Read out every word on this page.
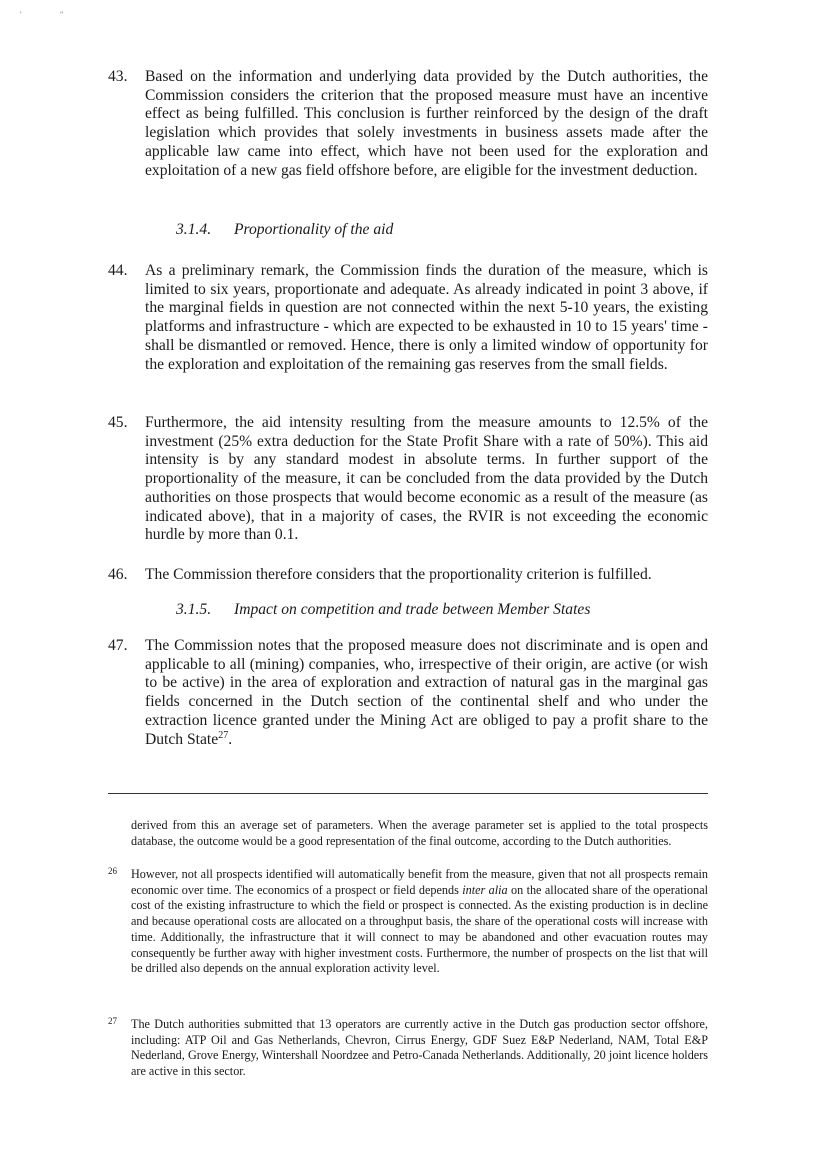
' "
43.	Based on the information and underlying data provided by the Dutch authorities, the Commission considers the criterion that the proposed measure must have an incentive effect as being fulfilled. This conclusion is further reinforced by the design of the draft legislation which provides that solely investments in business assets made after the applicable law came into effect, which have not been used for the exploration and exploitation of a new gas field offshore before, are eligible for the investment deduction.
3.1.4. Proportionality of the aid
44.	As a preliminary remark, the Commission finds the duration of the measure, which is limited to six years, proportionate and adequate. As already indicated in point 3 above, if the marginal fields in question are not connected within the next 5-10 years, the existing platforms and infrastructure - which are expected to be exhausted in 10 to 15 years' time - shall be dismantled or removed. Hence, there is only a limited window of opportunity for the exploration and exploitation of the remaining gas reserves from the small fields.
45.	Furthermore, the aid intensity resulting from the measure amounts to 12.5% of the investment (25% extra deduction for the State Profit Share with a rate of 50%). This aid intensity is by any standard modest in absolute terms. In further support of the proportionality of the measure, it can be concluded from the data provided by the Dutch authorities on those prospects that would become economic as a result of the measure (as indicated above), that in a majority of cases, the RVIR is not exceeding the economic hurdle by more than 0.1.
46.	The Commission therefore considers that the proportionality criterion is fulfilled.
3.1.5. Impact on competition and trade between Member States
47.	The Commission notes that the proposed measure does not discriminate and is open and applicable to all (mining) companies, who, irrespective of their origin, are active (or wish to be active) in the area of exploration and extraction of natural gas in the marginal gas fields concerned in the Dutch section of the continental shelf and who under the extraction licence granted under the Mining Act are obliged to pay a profit share to the Dutch State$^{27}$.
derived from this an average set of parameters. When the average parameter set is applied to the total prospects database, the outcome would be a good representation of the final outcome, according to the Dutch authorities.
26 However, not all prospects identified will automatically benefit from the measure, given that not all prospects remain economic over time. The economics of a prospect or field depends inter alia on the allocated share of the operational cost of the existing infrastructure to which the field or prospect is connected. As the existing production is in decline and because operational costs are allocated on a throughput basis, the share of the operational costs will increase with time. Additionally, the infrastructure that it will connect to may be abandoned and other evacuation routes may consequently be further away with higher investment costs. Furthermore, the number of prospects on the list that will be drilled also depends on the annual exploration activity level.
27 The Dutch authorities submitted that 13 operators are currently active in the Dutch gas production sector offshore, including: ATP Oil and Gas Netherlands, Chevron, Cirrus Energy, GDF Suez E&P Nederland, NAM, Total E&P Nederland, Grove Energy, Wintershall Noordzee and Petro-Canada Netherlands. Additionally, 20 joint licence holders are active in this sector.
